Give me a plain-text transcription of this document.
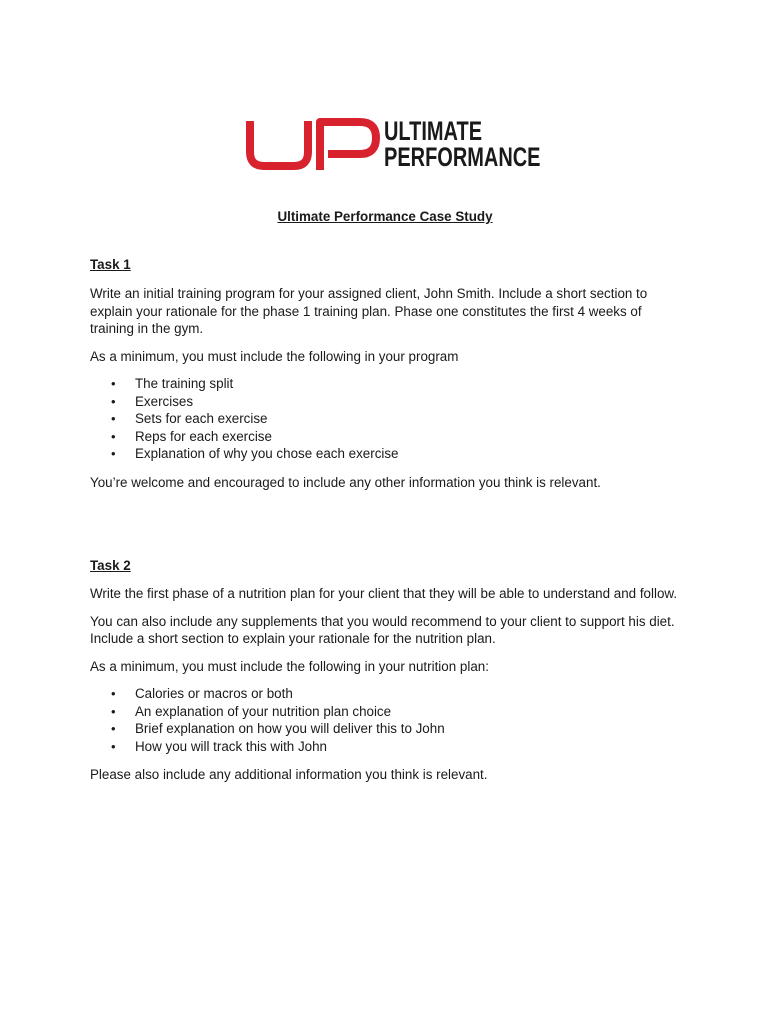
ULTIMATE
PERFORMANCE

Ultimate Performance Case Study

Task 1

Write an initial training program for your assigned client, John Smith. Include a short section to explain your rationale for the phase 1 training plan. Phase one constitutes the first 4 weeks of training in the gym.

As a minimum, you must include the following in your program

• The training split
• Exercises
• Sets for each exercise
• Reps for each exercise
• Explanation of why you chose each exercise

You’re welcome and encouraged to include any other information you think is relevant.

Task 2

Write the first phase of a nutrition plan for your client that they will be able to understand and follow.

You can also include any supplements that you would recommend to your client to support his diet. Include a short section to explain your rationale for the nutrition plan.

As a minimum, you must include the following in your nutrition plan:

• Calories or macros or both
• An explanation of your nutrition plan choice
• Brief explanation on how you will deliver this to John
• How you will track this with John

Please also include any additional information you think is relevant.
